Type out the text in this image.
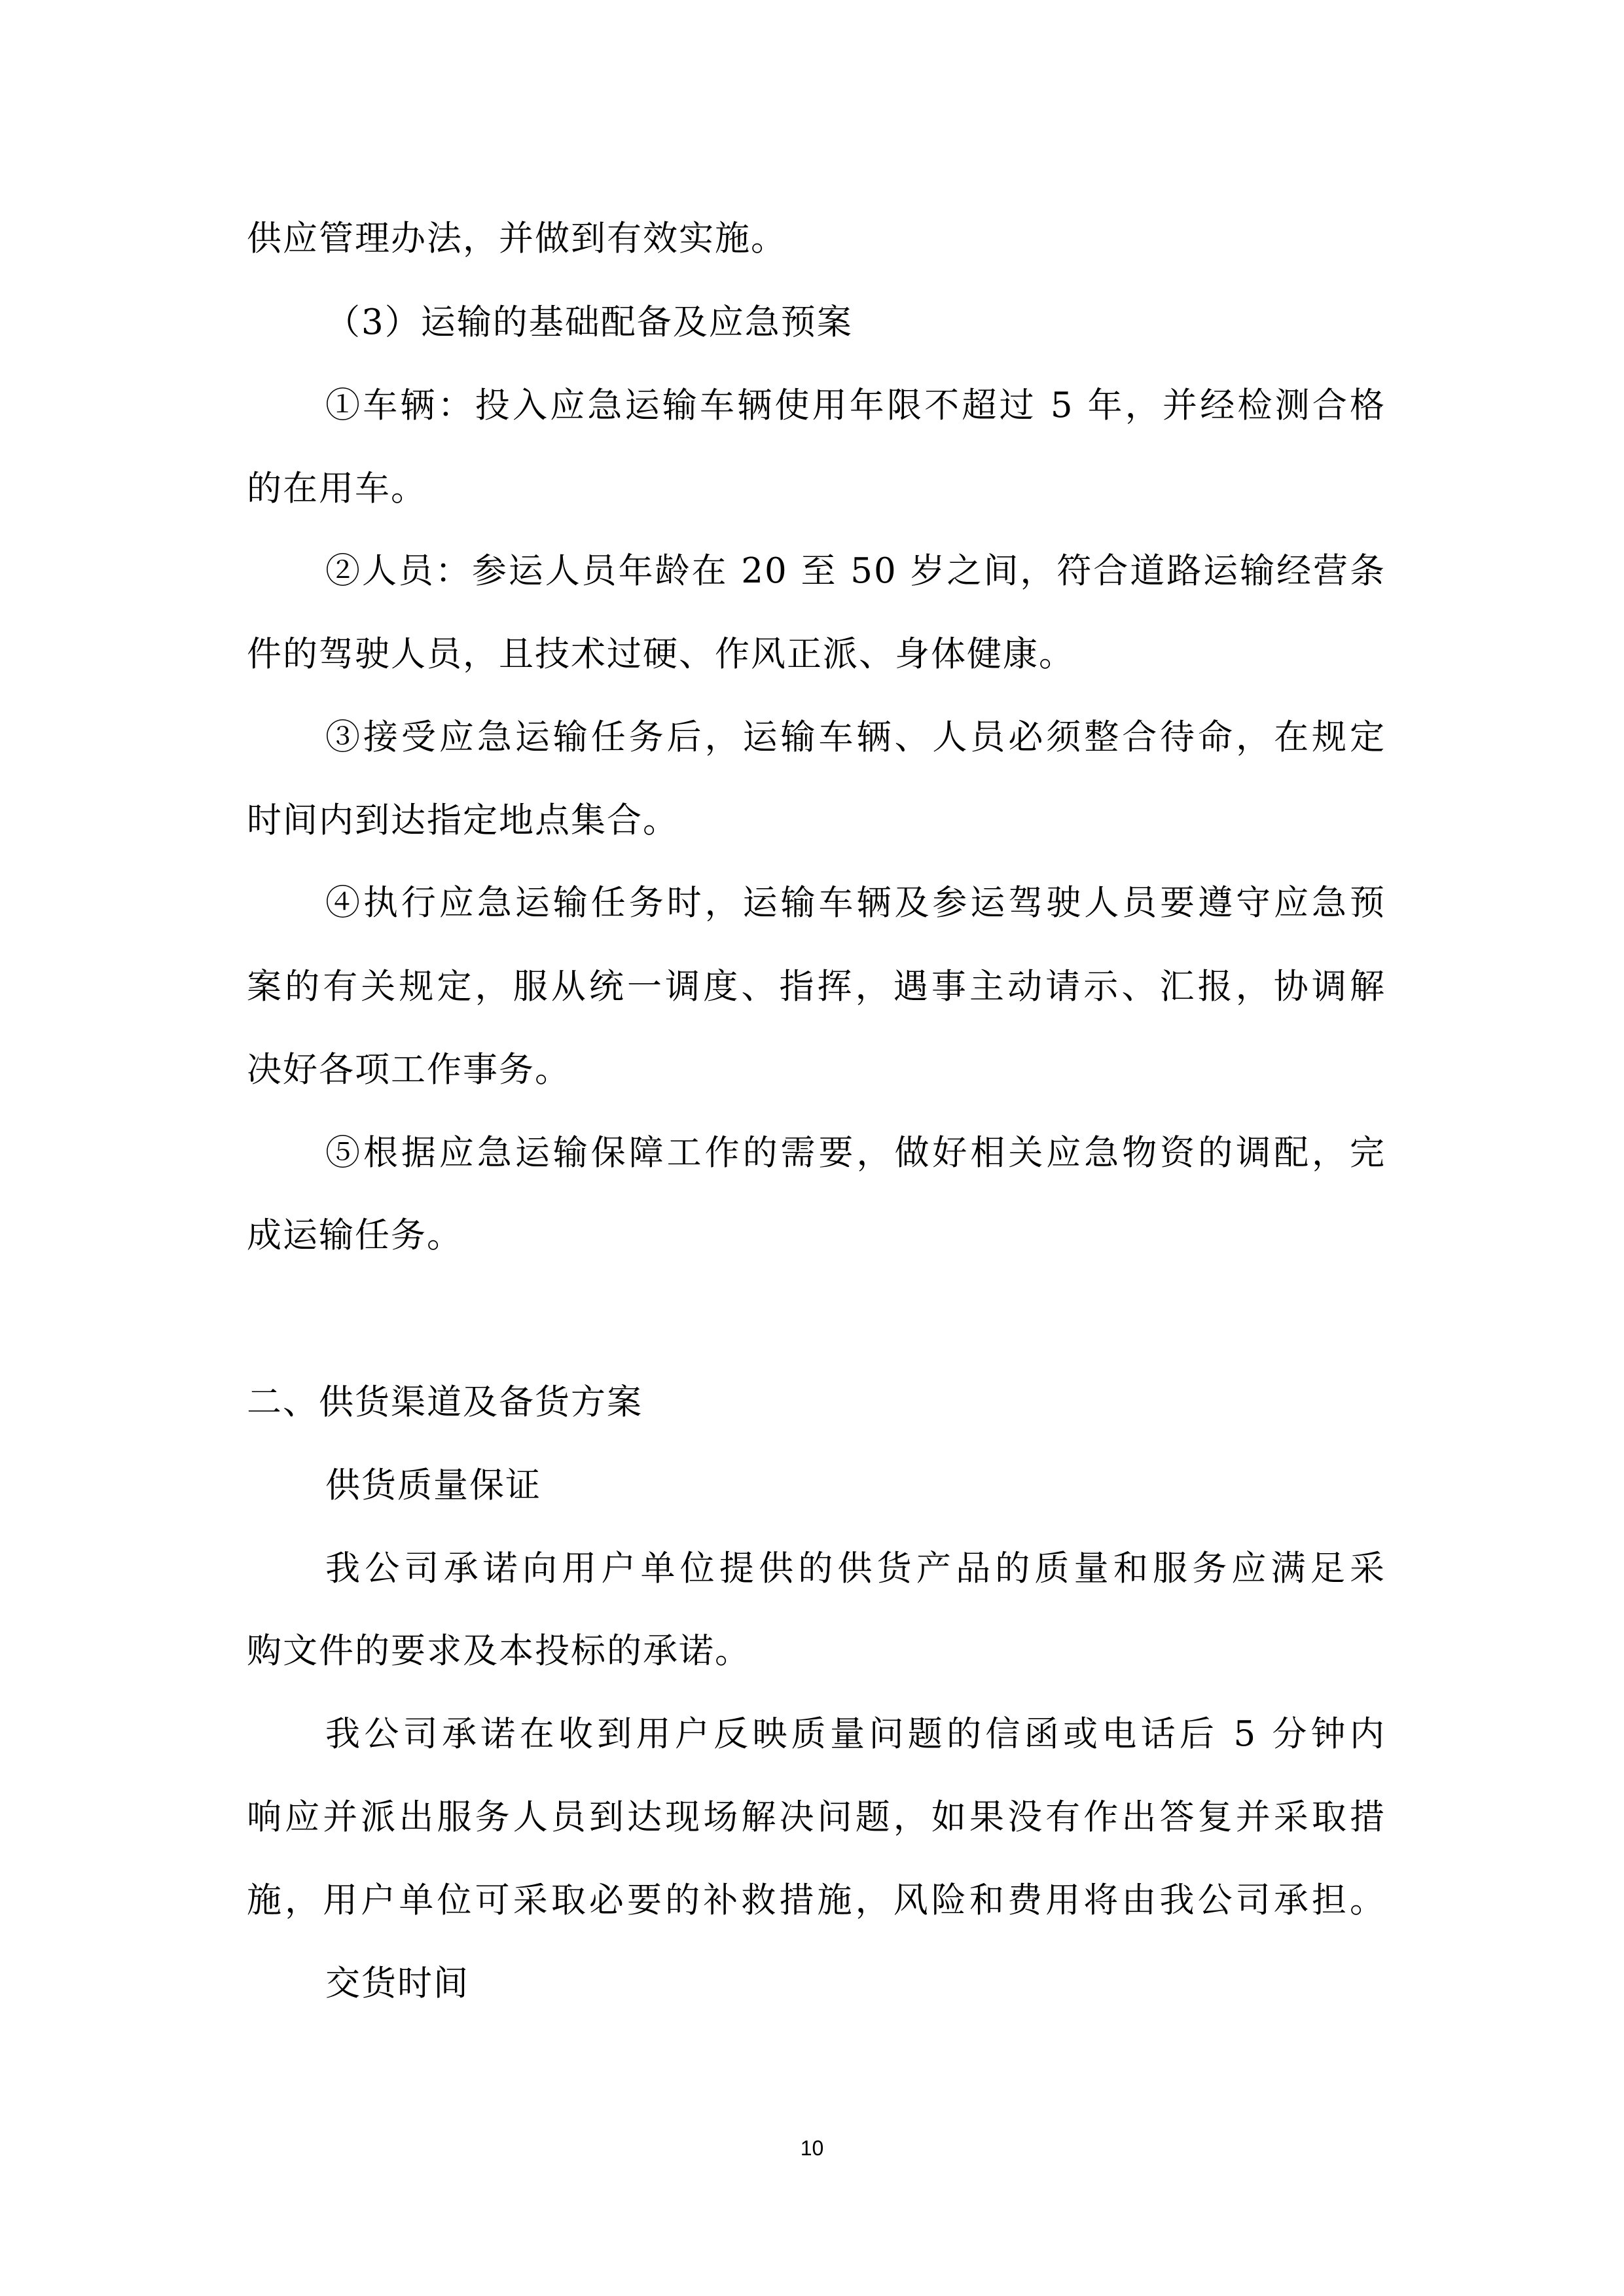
供应管理办法，并做到有效实施。
（3）运输的基础配备及应急预案
①车辆：投入应急运输车辆使用年限不超过 5 年，并经检测合格
的在用车。
②人员：参运人员年龄在 20 至 50 岁之间，符合道路运输经营条
件的驾驶人员，且技术过硬、作风正派、身体健康。
③接受应急运输任务后，运输车辆、人员必须整合待命，在规定
时间内到达指定地点集合。
④执行应急运输任务时，运输车辆及参运驾驶人员要遵守应急预
案的有关规定，服从统一调度、指挥，遇事主动请示、汇报，协调解
决好各项工作事务。
⑤根据应急运输保障工作的需要，做好相关应急物资的调配，完
成运输任务。
二、供货渠道及备货方案
供货质量保证
我公司承诺向用户单位提供的供货产品的质量和服务应满足采
购文件的要求及本投标的承诺。
我公司承诺在收到用户反映质量问题的信函或电话后 5 分钟内
响应并派出服务人员到达现场解决问题，如果没有作出答复并采取措
施，用户单位可采取必要的补救措施，风险和费用将由我公司承担。
交货时间
10
